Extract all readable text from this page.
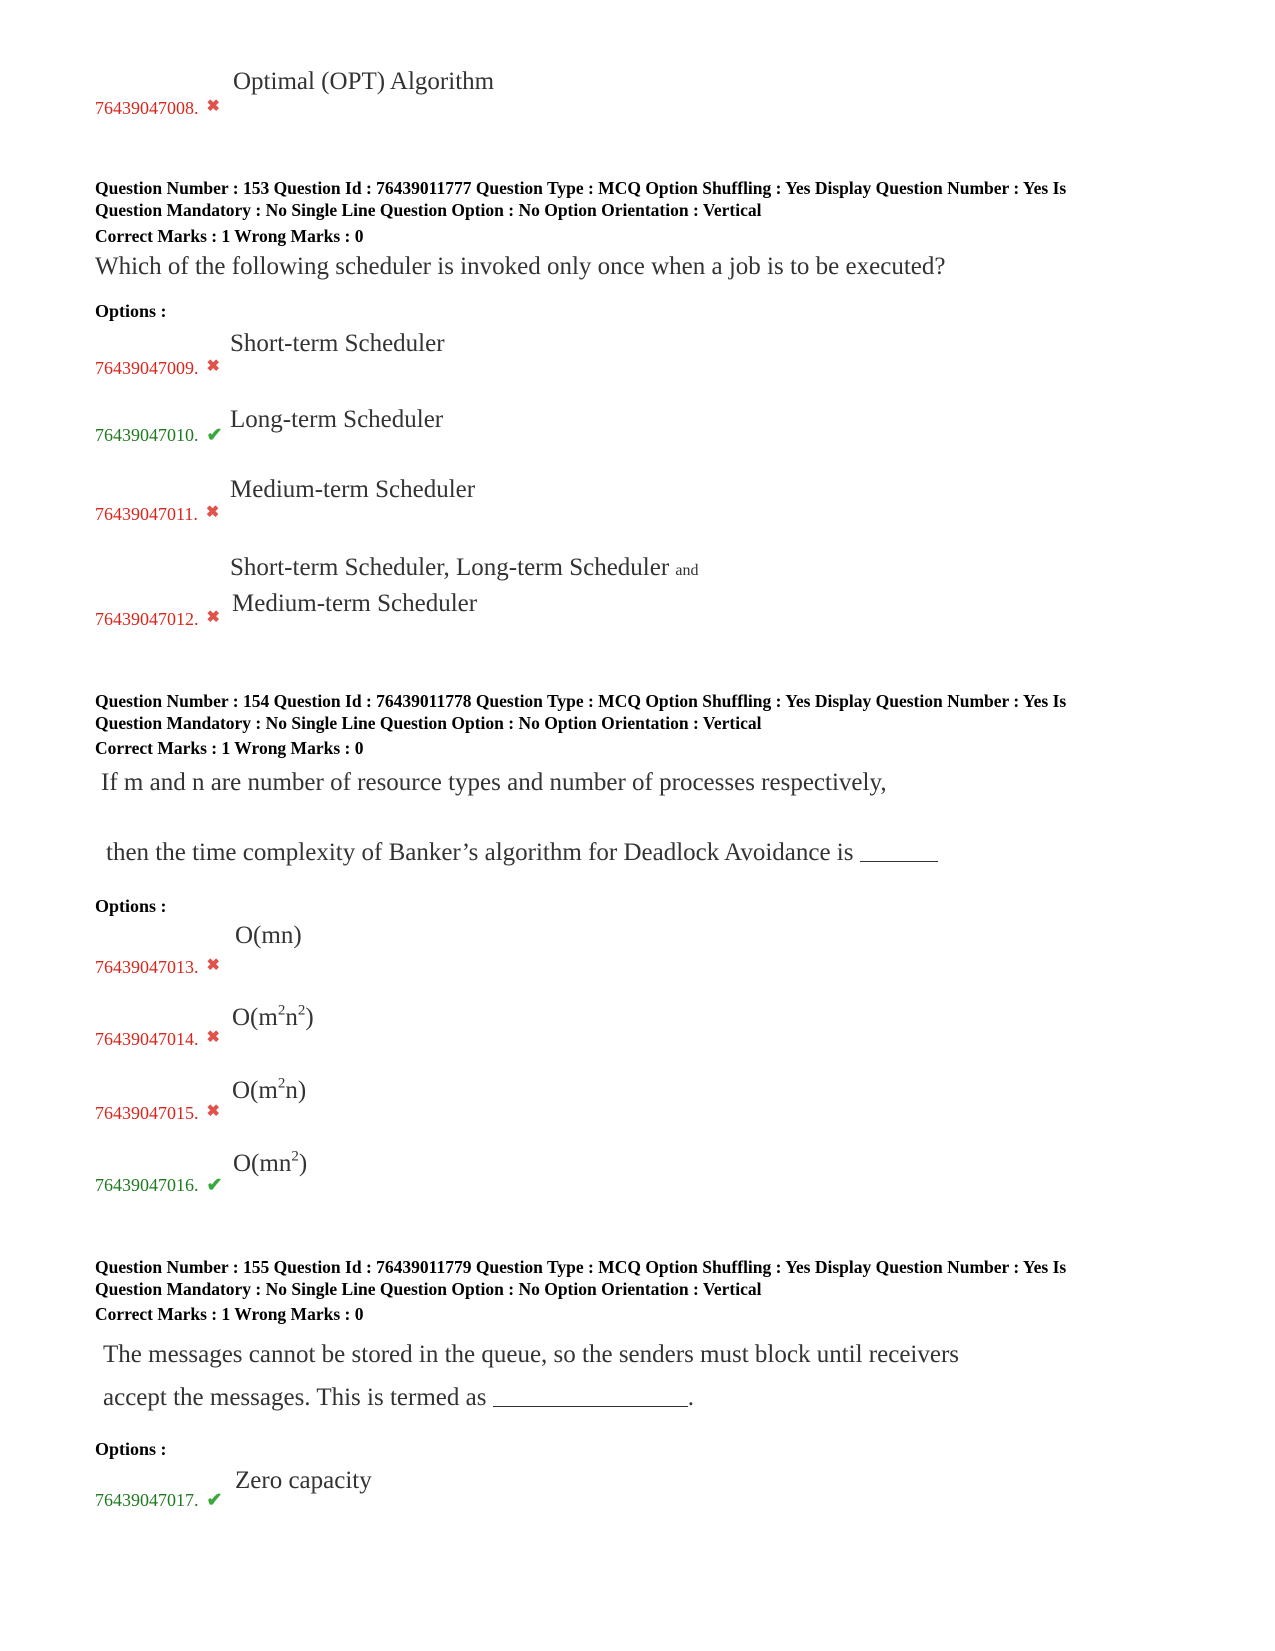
Optimal (OPT) Algorithm
76439047008. ✖
Question Number : 153 Question Id : 76439011777 Question Type : MCQ Option Shuffling : Yes Display Question Number : Yes Is
Question Mandatory : No Single Line Question Option : No Option Orientation : Vertical
Correct Marks : 1 Wrong Marks : 0
Which of the following scheduler is invoked only once when a job is to be executed?
Options :
Short-term Scheduler
76439047009. ✖
76439047010. ✔
Long-term Scheduler
Medium-term Scheduler
76439047011. ✖
Short-term Scheduler, Long-term Scheduler and
Medium-term Scheduler
76439047012. ✖
Question Number : 154 Question Id : 76439011778 Question Type : MCQ Option Shuffling : Yes Display Question Number : Yes Is
Question Mandatory : No Single Line Question Option : No Option Orientation : Vertical
Correct Marks : 1 Wrong Marks : 0
If m and n are number of resource types and number of processes respectively,
then the time complexity of Banker’s algorithm for Deadlock Avoidance is
Options :
O(mn)
76439047013. ✖
$O(m^2n^2)$
76439047014. ✖
$O(m^2n)$
76439047015. ✖
$O(mn^2)$
76439047016. ✔
Question Number : 155 Question Id : 76439011779 Question Type : MCQ Option Shuffling : Yes Display Question Number : Yes Is
Question Mandatory : No Single Line Question Option : No Option Orientation : Vertical
Correct Marks : 1 Wrong Marks : 0
The messages cannot be stored in the queue, so the senders must block until receivers
accept the messages. This is termed as	.
Options :
Zero capacity
76439047017. ✔
